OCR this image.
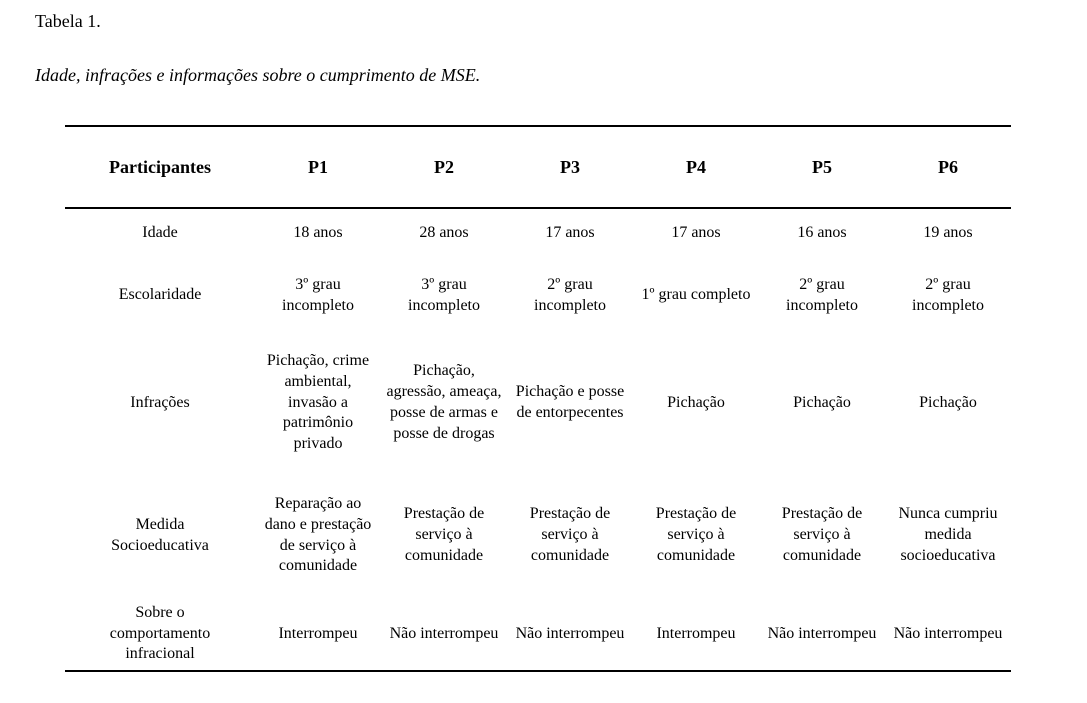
Tabela 1.
Idade, infrações e informações sobre o cumprimento de MSE.
Participantes	P1	P2	P3	P4	P5	P6
Idade	18 anos	28 anos	17 anos	17 anos	16 anos	19 anos
Escolaridade	3º grau incompleto	3º grau incompleto	2º grau incompleto	1º grau completo	2º grau incompleto	2º grau incompleto
Infrações	Pichação, crime ambiental, invasão a patrimônio privado	Pichação, agressão, ameaça, posse de armas e posse de drogas	Pichação e posse de entorpecentes	Pichação	Pichação	Pichação
Medida Socioeducativa	Reparação ao dano e prestação de serviço à comunidade	Prestação de serviço à comunidade	Prestação de serviço à comunidade	Prestação de serviço à comunidade	Prestação de serviço à comunidade	Nunca cumpriu medida socioeducativa
Sobre o comportamento infracional	Interrompeu	Não interrompeu	Não interrompeu	Interrompeu	Não interrompeu	Não interrompeu
